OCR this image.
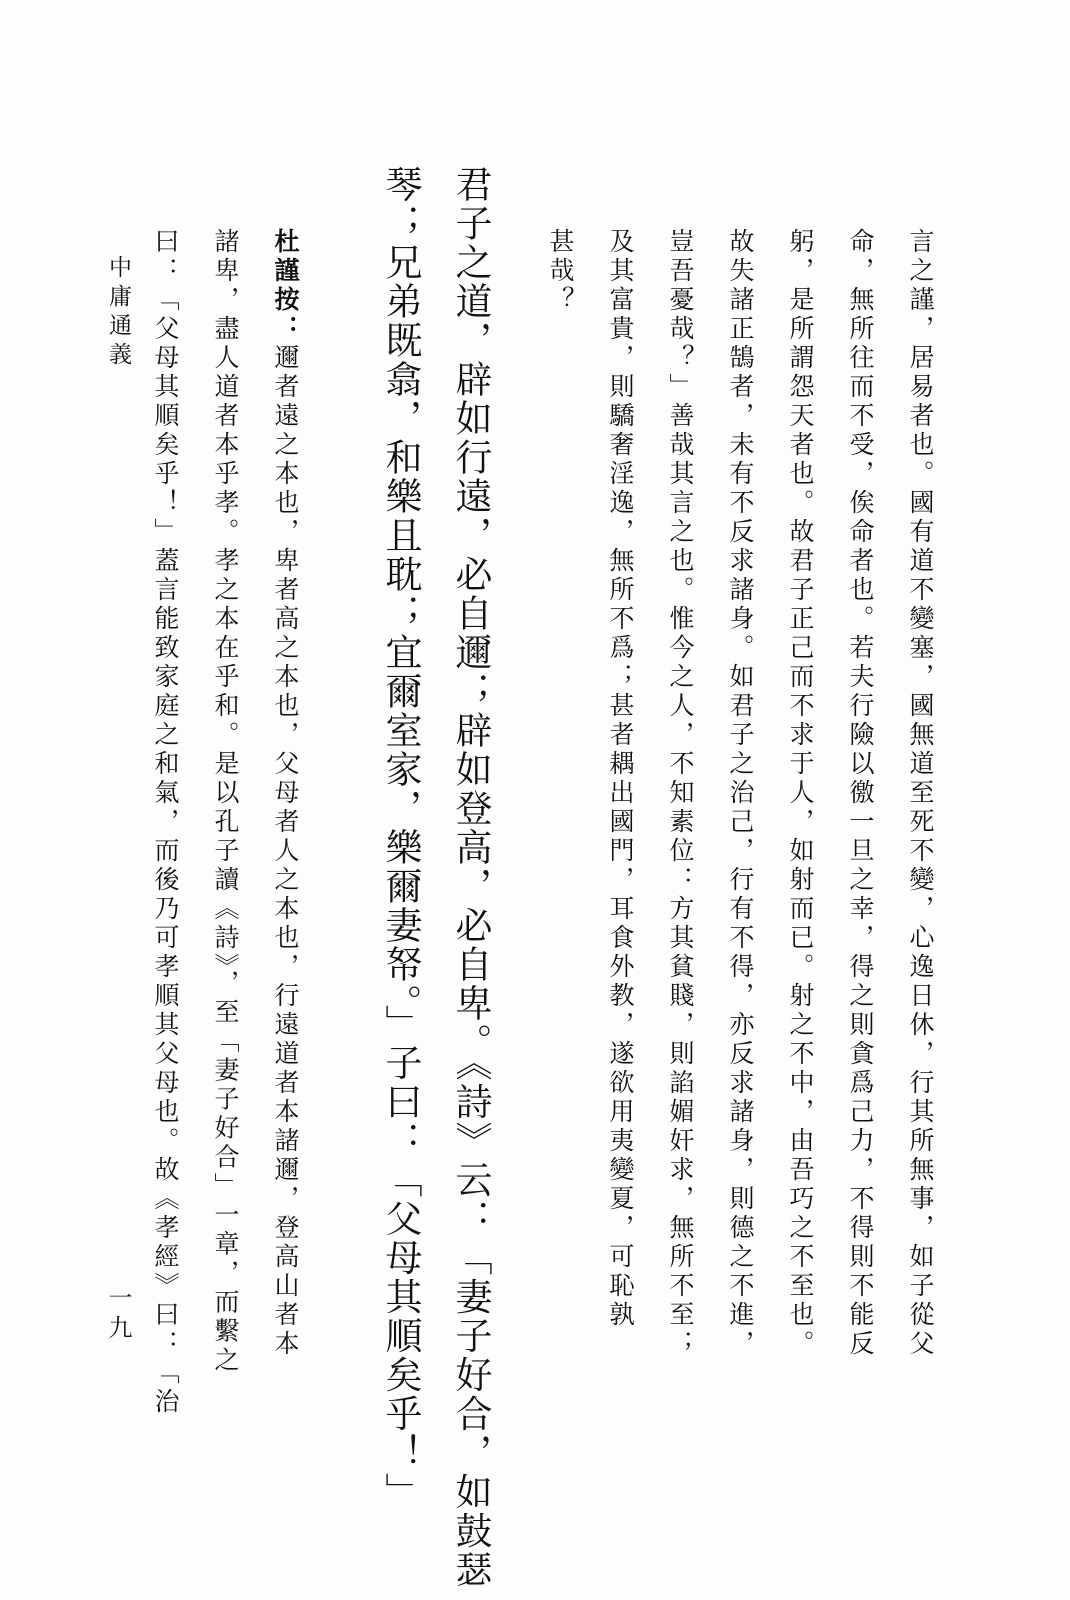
言之謹，居易者也。國有道不變塞，國無道至死不變，心逸日休，行其所無事，如子從父
命，無所往而不受，俟命者也。若夫行險以徼一旦之幸，得之則貪爲己力，不得則不能反
躬，是所謂怨天者也。故君子正己而不求于人，如射而已。射之不中，由吾巧之不至也。
故失諸正鵠者，未有不反求諸身。如君子之治己，行有不得，亦反求諸身，則德之不進，
豈吾憂哉？」善哉其言之也。惟今之人，不知素位：方其貧賤，則諂媚奸求，無所不至；
及其富貴，則驕奢淫逸，無所不爲；甚者耦出國門，耳食外教，遂欲用夷變夏，可恥孰
甚哉？
君子之道，辟如行遠，必自邇；辟如登高，必自卑。《詩》云：「妻子好合，如鼓瑟
琴；兄弟既翕，和樂且耽；宜爾室家，樂爾妻帑。」子曰：「父母其順矣乎！」
杜謹按：邇者遠之本也，卑者高之本也，父母者人之本也，行遠道者本諸邇，登高山者本
諸卑，盡人道者本乎孝。孝之本在乎和。是以孔子讀《詩》，至「妻子好合」一章，而繫之
曰：「父母其順矣乎！」蓋言能致家庭之和氣，而後乃可孝順其父母也。故《孝經》曰：「治
中庸通義
一九
